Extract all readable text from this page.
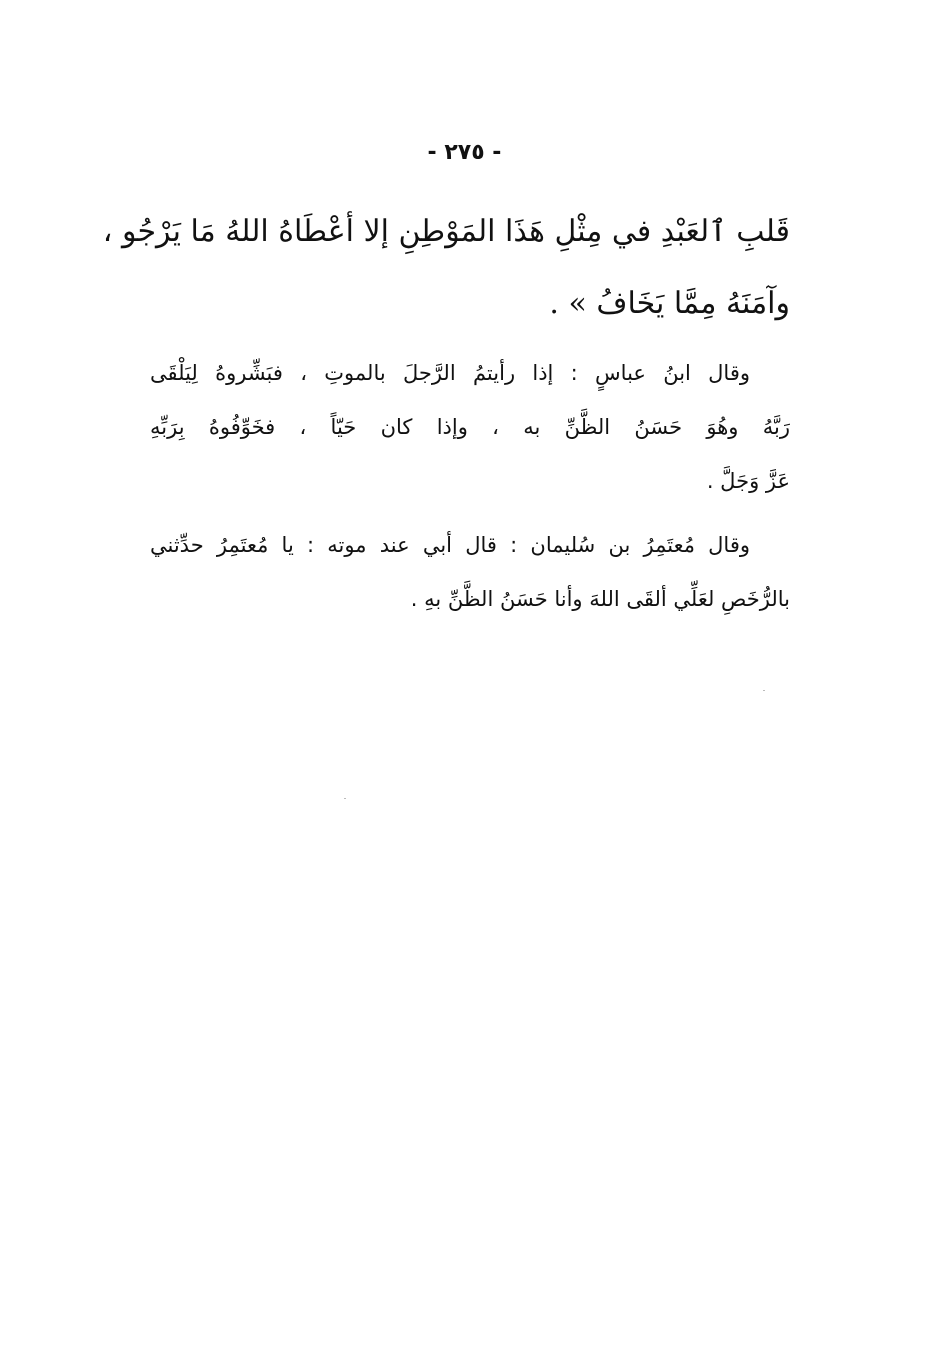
- ٢٧٥ -
قَلبِ ٱلعَبْدِ في مِثْلِ هَذَا المَوْطِنِ إلا أعْطَاهُ اللهُ مَا يَرْجُو ،
وآمَنَهُ مِمَّا يَخَافُ » .
وقال ابنُ عباسٍ : إذا رأيتمُ الرَّجلَ بالموتِ ، فبَشِّروهُ لِيَلْقَى
رَبَّهُ وهُوَ حَسَنُ الظَّنِّ به ، وإذا كان حَيّاً ، فخَوِّفُوهُ بِرَبِّهِ
عَزَّ وَجَلَّ .
وقال مُعتَمِرُ بن سُليمان : قال أبي عند موته : يا مُعتَمِرُ حدِّثني
بالرُّخَصِ لعَلِّي ألقَى اللهَ وأنا حَسَنُ الظَّنِّ بهِ .
